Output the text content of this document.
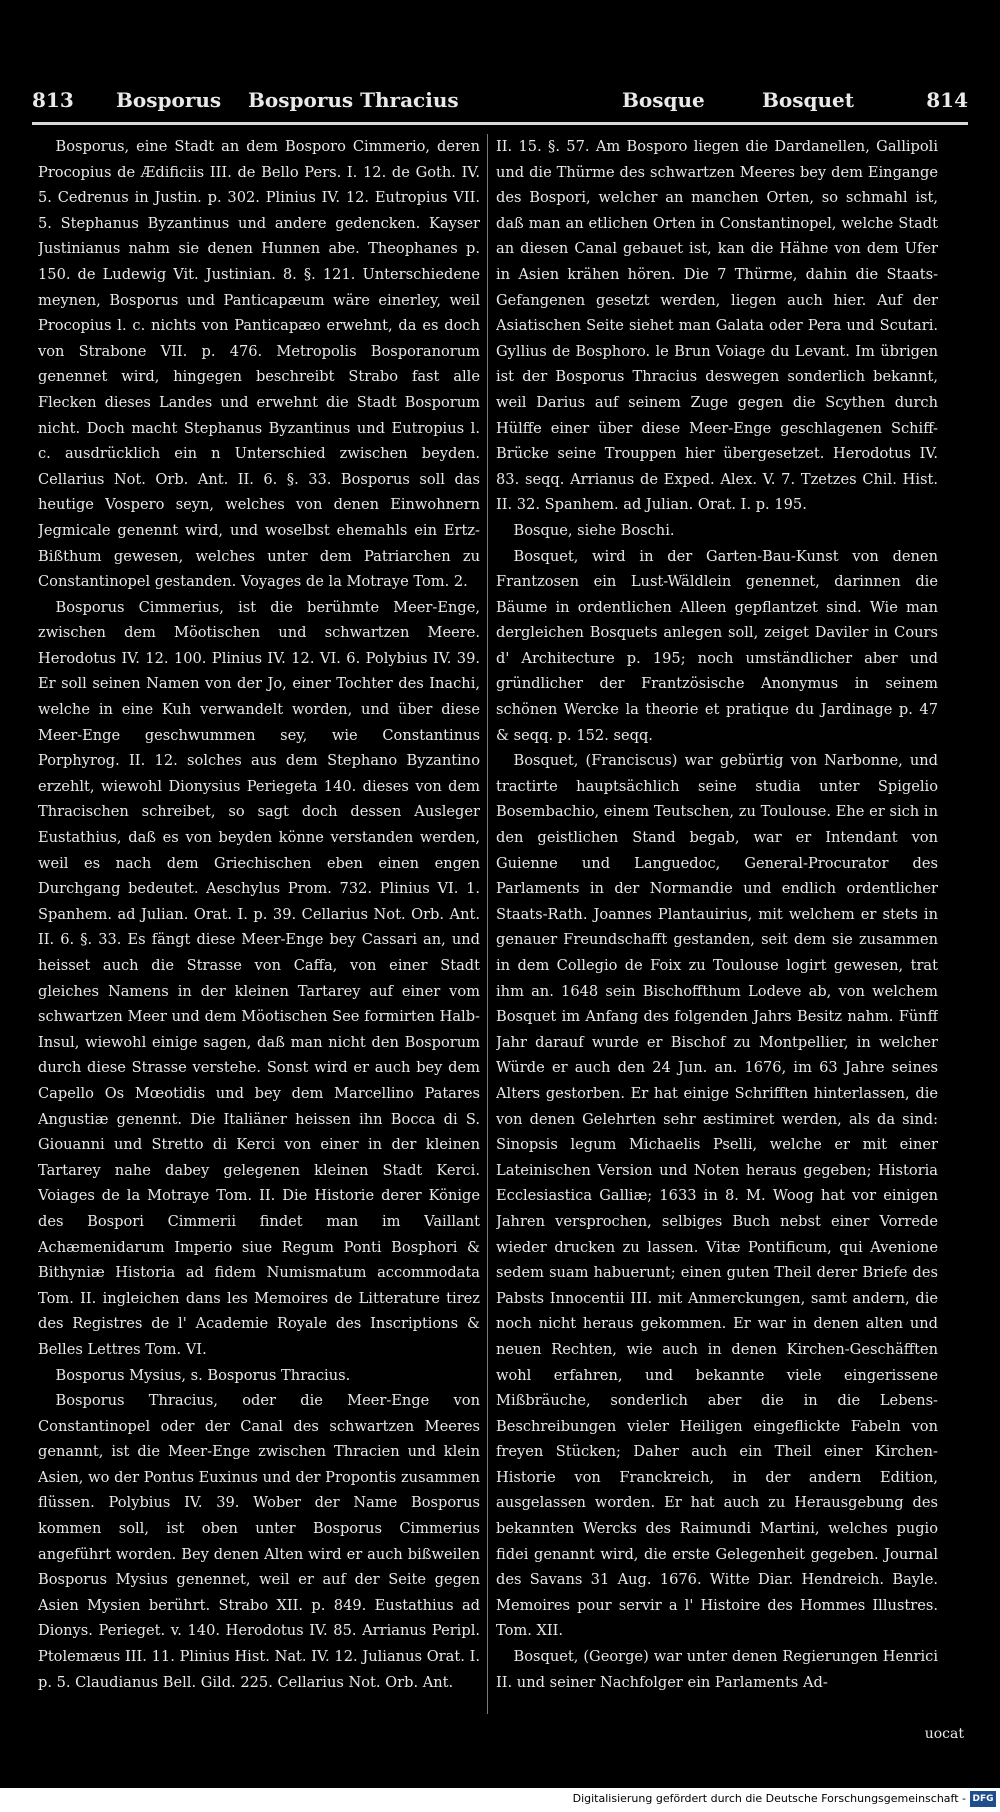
813 Bosporus Bosporus Thracius	Bosque	Bosquet	814

Bosporus, eine Stadt an dem Bosporo Cimmerio, deren Procopius de Ædificiis III. de Bello Pers. I. 12. de Goth. IV. 5. Cedrenus in Justin. p. 302. Plinius IV. 12. Eutropius VII. 5. Stephanus Byzantinus und andere gedencken. Kayser Justinianus nahm sie denen Hunnen abe. Theophanes p. 150. de Ludewig Vit. Justinian. 8. §. 121. Unterschiedene meynen, Bosporus und Panticapæum wäre einerley, weil Procopius l. c. nichts von Panticapæo erwehnt, da es doch von Strabone VII. p. 476. Metropolis Bosporanorum genennet wird, hingegen beschreibt Strabo fast alle Flecken dieses Landes und erwehnt die Stadt Bosporum nicht. Doch macht Stephanus Byzantinus und Eutropius l. c. ausdrücklich ein n Unterschied zwischen beyden. Cellarius Not. Orb. Ant. II. 6. §. 33. Bosporus soll das heutige Vospero seyn, welches von denen Einwohnern Jegmicale genennt wird, und woselbst ehemahls ein Ertz-Bißthum gewesen, welches unter dem Patriarchen zu Constantinopel gestanden. Voyages de la Motraye Tom. 2.

Bosporus Cimmerius, ist die berühmte Meer-Enge, zwischen dem Möotischen und schwartzen Meere. Herodotus IV. 12. 100. Plinius IV. 12. VI. 6. Polybius IV. 39. Er soll seinen Namen von der Jo, einer Tochter des Inachi, welche in eine Kuh verwandelt worden, und über diese Meer-Enge geschwummen sey, wie Constantinus Porphyrog. II. 12. solches aus dem Stephano Byzantino erzehlt, wiewohl Dionysius Periegeta 140. dieses von dem Thracischen schreibet, so sagt doch dessen Ausleger Eustathius, daß es von beyden könne verstanden werden, weil es nach dem Griechischen eben einen engen Durchgang bedeutet. Aeschylus Prom. 732. Plinius VI. 1. Spanhem. ad Julian. Orat. I. p. 39. Cellarius Not. Orb. Ant. II. 6. §. 33. Es fängt diese Meer-Enge bey Cassari an, und heisset auch die Strasse von Caffa, von einer Stadt gleiches Namens in der kleinen Tartarey auf einer vom schwartzen Meer und dem Möotischen See formirten Halb-Insul, wiewohl einige sagen, daß man nicht den Bosporum durch diese Strasse verstehe. Sonst wird er auch bey dem Capello Os Mœotidis und bey dem Marcellino Patares Angustiæ genennt. Die Italiäner heissen ihn Bocca di S. Giouanni und Stretto di Kerci von einer in der kleinen Tartarey nahe dabey gelegenen kleinen Stadt Kerci. Voiages de la Motraye Tom. II. Die Historie derer Könige des Bospori Cimmerii findet man im Vaillant Achæmenidarum Imperio siue Regum Ponti Bosphori & Bithyniæ Historia ad fidem Numismatum accommodata Tom. II. ingleichen dans les Memoires de Litterature tirez des Registres de l' Academie Royale des Inscriptions & Belles Lettres Tom. VI.

Bosporus Mysius, s. Bosporus Thracius.

Bosporus Thracius, oder die Meer-Enge von Constantinopel oder der Canal des schwartzen Meeres genannt, ist die Meer-Enge zwischen Thracien und klein Asien, wo der Pontus Euxinus und der Propontis zusammen flüssen. Polybius IV. 39. Wober der Name Bosporus kommen soll, ist oben unter Bosporus Cimmerius angeführt worden. Bey denen Alten wird er auch bißweilen Bosporus Mysius genennet, weil er auf der Seite gegen Asien Mysien berührt. Strabo XII. p. 849. Eustathius ad Dionys. Perieget. v. 140. Herodotus IV. 85. Arrianus Peripl. Ptolemæus III. 11. Plinius Hist. Nat. IV. 12. Julianus Orat. I. p. 5. Claudianus Bell. Gild. 225. Cellarius Not. Orb. Ant.

II. 15. §. 57. Am Bosporo liegen die Dardanellen, Gallipoli und die Thürme des schwartzen Meeres bey dem Eingange des Bospori, welcher an manchen Orten, so schmahl ist, daß man an etlichen Orten in Constantinopel, welche Stadt an diesen Canal gebauet ist, kan die Hähne von dem Ufer in Asien krähen hören. Die 7 Thürme, dahin die Staats-Gefangenen gesetzt werden, liegen auch hier. Auf der Asiatischen Seite siehet man Galata oder Pera und Scutari. Gyllius de Bosphoro. le Brun Voiage du Levant. Im übrigen ist der Bosporus Thracius deswegen sonderlich bekannt, weil Darius auf seinem Zuge gegen die Scythen durch Hülffe einer über diese Meer-Enge geschlagenen Schiff-Brücke seine Trouppen hier übergesetzet. Herodotus IV. 83. seqq. Arrianus de Exped. Alex. V. 7. Tzetzes Chil. Hist. II. 32. Spanhem. ad Julian. Orat. I. p. 195.

Bosque, siehe Boschi.

Bosquet, wird in der Garten-Bau-Kunst von denen Frantzosen ein Lust-Wäldlein genennet, darinnen die Bäume in ordentlichen Alleen gepflantzet sind. Wie man dergleichen Bosquets anlegen soll, zeiget Daviler in Cours d' Architecture p. 195; noch umständlicher aber und gründlicher der Frantzösische Anonymus in seinem schönen Wercke la theorie et pratique du Jardinage p. 47 & seqq. p. 152. seqq.

Bosquet, (Franciscus) war gebürtig von Narbonne, und tractirte hauptsächlich seine studia unter Spigelio Bosembachio, einem Teutschen, zu Toulouse. Ehe er sich in den geistlichen Stand begab, war er Intendant von Guienne und Languedoc, General-Procurator des Parlaments in der Normandie und endlich ordentlicher Staats-Rath. Joannes Plantauirius, mit welchem er stets in genauer Freundschafft gestanden, seit dem sie zusammen in dem Collegio de Foix zu Toulouse logirt gewesen, trat ihm an. 1648 sein Bischoffthum Lodeve ab, von welchem Bosquet im Anfang des folgenden Jahrs Besitz nahm. Fünff Jahr darauf wurde er Bischof zu Montpellier, in welcher Würde er auch den 24 Jun. an. 1676, im 63 Jahre seines Alters gestorben. Er hat einige Schrifften hinterlassen, die von denen Gelehrten sehr æstimiret werden, als da sind: Sinopsis legum Michaelis Pselli, welche er mit einer Lateinischen Version und Noten heraus gegeben; Historia Ecclesiastica Galliæ; 1633 in 8. M. Woog hat vor einigen Jahren versprochen, selbiges Buch nebst einer Vorrede wieder drucken zu lassen. Vitæ Pontificum, qui Avenione sedem suam habuerunt; einen guten Theil derer Briefe des Pabsts Innocentii III. mit Anmerckungen, samt andern, die noch nicht heraus gekommen. Er war in denen alten und neuen Rechten, wie auch in denen Kirchen-Geschäfften wohl erfahren, und bekannte viele eingerissene Mißbräuche, sonderlich aber die in die Lebens-Beschreibungen vieler Heiligen eingeflickte Fabeln von freyen Stücken; Daher auch ein Theil einer Kirchen-Historie von Franckreich, in der andern Edition, ausgelassen worden. Er hat auch zu Herausgebung des bekannten Wercks des Raimundi Martini, welches pugio fidei genannt wird, die erste Gelegenheit gegeben. Journal des Savans 31 Aug. 1676. Witte Diar. Hendreich. Bayle. Memoires pour servir a l' Histoire des Hommes Illustres. Tom. XII.

Bosquet, (George) war unter denen Regierungen Henrici II. und seiner Nachfolger ein Parlaments Ad-

uocat
Digitalisierung gefördert durch die Deutsche Forschungsgemeinschaft - DFG
